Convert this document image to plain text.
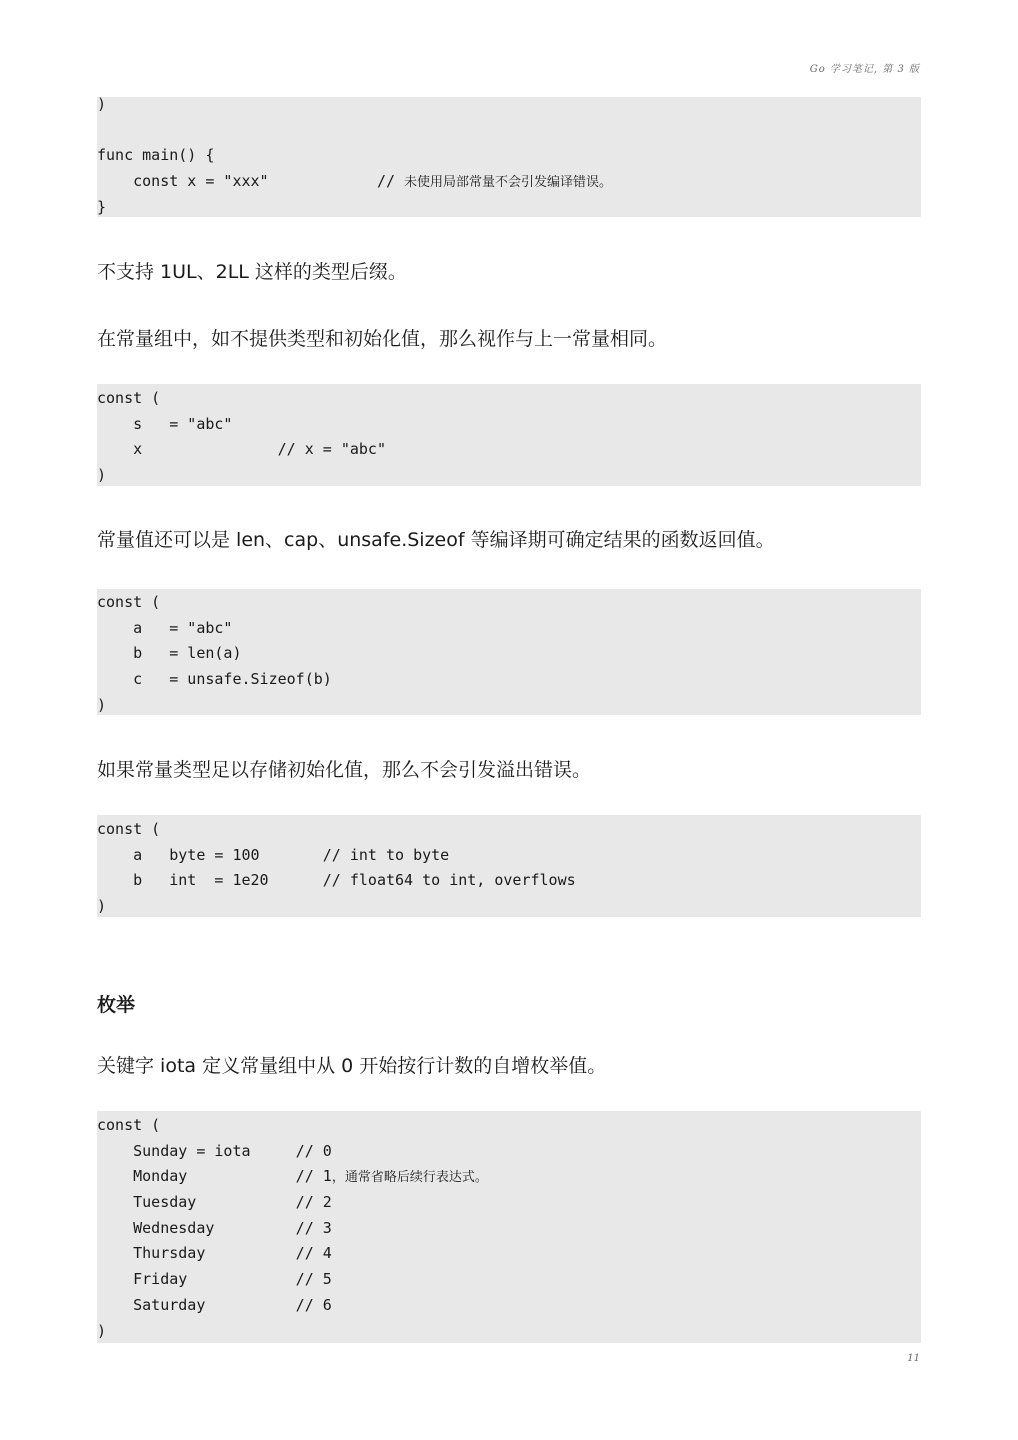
Go 学习笔记, 第 3 版
)
func main() {
const x = "xxx"            // 未使用局部常量不会引发编译错误。
}
不支持 1UL、2LL 这样的类型后缀。
在常量组中，如不提供类型和初始化值，那么视作与上一常量相同。
const (
s   = "abc"
x               // x = "abc"
)
常量值还可以是 len、cap、unsafe.Sizeof 等编译期可确定结果的函数返回值。
const (
a   = "abc"
b   = len(a)
c   = unsafe.Sizeof(b)
)
如果常量类型足以存储初始化值，那么不会引发溢出错误。
const (
a   byte = 100       // int to byte
b   int  = 1e20      // float64 to int, overflows
)
枚举
关键字 iota 定义常量组中从 0 开始按行计数的自增枚举值。
const (
Sunday = iota     // 0
Monday            // 1，通常省略后续行表达式。
Tuesday           // 2
Wednesday         // 3
Thursday          // 4
Friday            // 5
Saturday          // 6
)
11
